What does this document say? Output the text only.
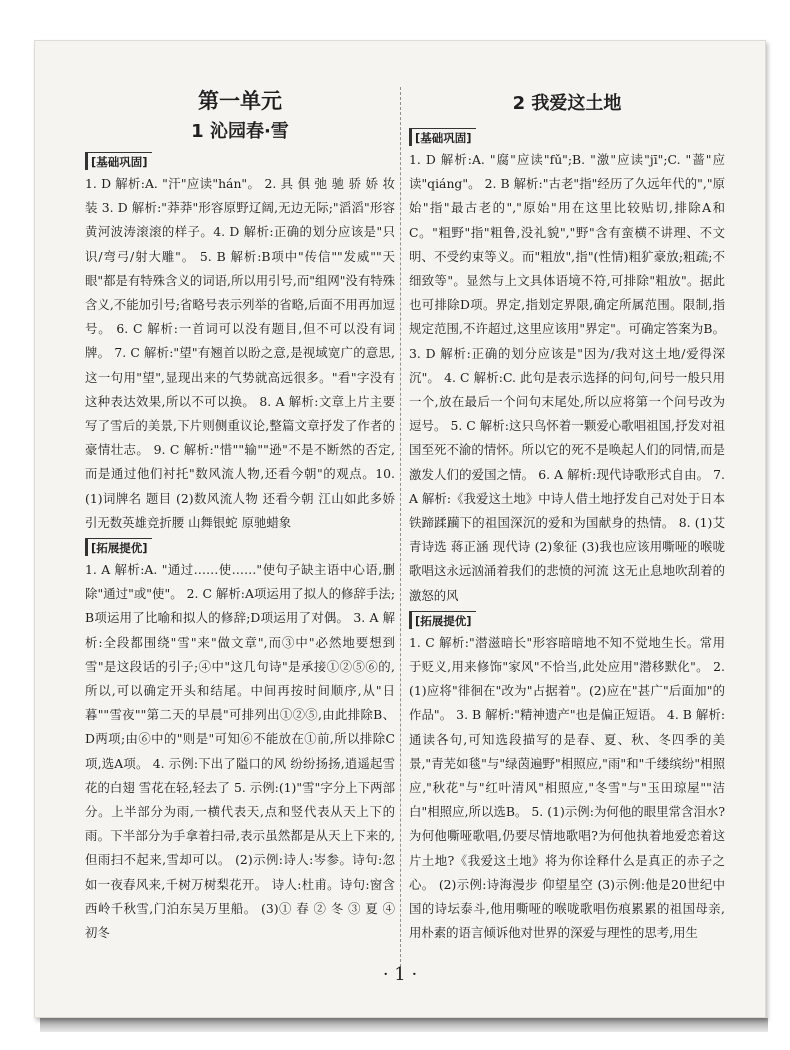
第一单元
1 沁园春·雪
[基础巩固]

1. D 解析:A. "汗"应读"hán"。 2. 具 俱 弛 驰 骄 娇 妆 装 3. D 解析:"莽莽"形容原野辽阔,无边无际;"滔滔"形容黄河波涛滚滚的样子。4. D 解析:正确的划分应该是"只识/弯弓/射大雕"。 5. B 解析:B项中"传信""发威""天眼"都是有特殊含义的词语,所以用引号,而"组网"没有特殊含义,不能加引号;省略号表示列举的省略,后面不用再加逗号。 6. C 解析:一首词可以没有题目,但不可以没有词牌。 7. C 解析:"望"有翘首以盼之意,是视域宽广的意思,这一句用"望",显现出来的气势就高远很多。"看"字没有这种表达效果,所以不可以换。 8. A 解析:文章上片主要写了雪后的美景,下片则侧重议论,整篇文章抒发了作者的豪情壮志。 9. C 解析:"惜""输""逊"不是不断然的否定,而是通过他们衬托"数风流人物,还看今朝"的观点。10. (1)词牌名 题目 (2)数风流人物 还看今朝 江山如此多娇 引无数英雄竞折腰 山舞银蛇 原驰蜡象

[拓展提优]

1. A 解析:A. "通过……使……"使句子缺主语中心语,删除"通过"或"使"。 2. C 解析:A项运用了拟人的修辞手法;B项运用了比喻和拟人的修辞;D项运用了对偶。 3. A 解析:全段都围绕"雪"来"做文章",而③中"必然地要想到雪"是这段话的引子;④中"这几句诗"是承接①②⑤⑥的,所以,可以确定开头和结尾。中间再按时间顺序,从"日暮""雪夜""第二天的早晨"可排列出①②⑤,由此排除B、D两项;由⑥中的"则是"可知⑥不能放在①前,所以排除C项,选A项。 4. 示例:下出了隘口的风 纷纷扬扬,逍遥起雪花的白翅 雪花在轻,轻去了 5. 示例:(1)"雪"字分上下两部分。上半部分为雨,一横代表天,点和竖代表从天上下的雨。下半部分为手拿着扫帚,表示虽然都是从天上下来的,但雨扫不起来,雪却可以。 (2)示例:诗人:岑参。诗句:忽如一夜春风来,千树万树梨花开。 诗人:杜甫。诗句:窗含西岭千秋雪,门泊东吴万里船。 (3)① 春 ② 冬 ③ 夏 ④ 初冬

2 我爱这土地
[基础巩固]

1. D 解析:A. "腐"应读"fǔ";B. "激"应读"jī";C. "蔷"应读"qiáng"。 2. B 解析:"古老"指"经历了久远年代的","原始"指"最古老的","原始"用在这里比较贴切,排除A和C。"粗野"指"粗鲁,没礼貌","野"含有蛮横不讲理、不文明、不受约束等义。而"粗放",指"(性情)粗犷豪放;粗疏;不细致等"。显然与上文具体语境不符,可排除"粗放"。据此也可排除D项。界定,指划定界限,确定所属范围。限制,指规定范围,不许超过,这里应该用"界定"。可确定答案为B。 3. D 解析:正确的划分应该是"因为/我对这土地/爱得深沉"。 4. C 解析:C. 此句是表示选择的问句,问号一般只用一个,放在最后一个问句末尾处,所以应将第一个问号改为逗号。 5. C 解析:这只鸟怀着一颗爱心歌唱祖国,抒发对祖国至死不渝的情怀。所以它的死不是唤起人们的同情,而是激发人们的爱国之情。 6. A 解析:现代诗歌形式自由。 7. A 解析:《我爱这土地》中诗人借土地抒发自己对处于日本铁蹄蹂躏下的祖国深沉的爱和为国献身的热情。 8. (1)艾青诗选 蒋正涵 现代诗 (2)象征 (3)我也应该用嘶哑的喉咙歌唱这永远汹涌着我们的悲愤的河流 这无止息地吹刮着的激怒的风

[拓展提优]

1. C 解析:"潜滋暗长"形容暗暗地不知不觉地生长。常用于贬义,用来修饰"家风"不恰当,此处应用"潜移默化"。 2. (1)应将"徘徊在"改为"占据着"。(2)应在"甚广"后面加"的作品"。 3. B 解析:"精神遗产"也是偏正短语。 4. B 解析:通读各句,可知选段描写的是春、夏、秋、冬四季的美景,"青芜如毯"与"绿茵遍野"相照应,"雨"和"千缕缤纷"相照应,"秋花"与"红叶清风"相照应,"冬雪"与"玉田琼屋""洁白"相照应,所以选B。 5. (1)示例:为何他的眼里常含泪水?为何他嘶哑歌唱,仍要尽情地歌唱?为何他执着地爱恋着这片土地?《我爱这土地》将为你诠释什么是真正的赤子之心。 (2)示例:诗海漫步 仰望星空 (3)示例:他是20世纪中国的诗坛泰斗,他用嘶哑的喉咙歌唱伤痕累累的祖国母亲,用朴素的语言倾诉他对世界的深爱与理性的思考,用生

· 1 ·
